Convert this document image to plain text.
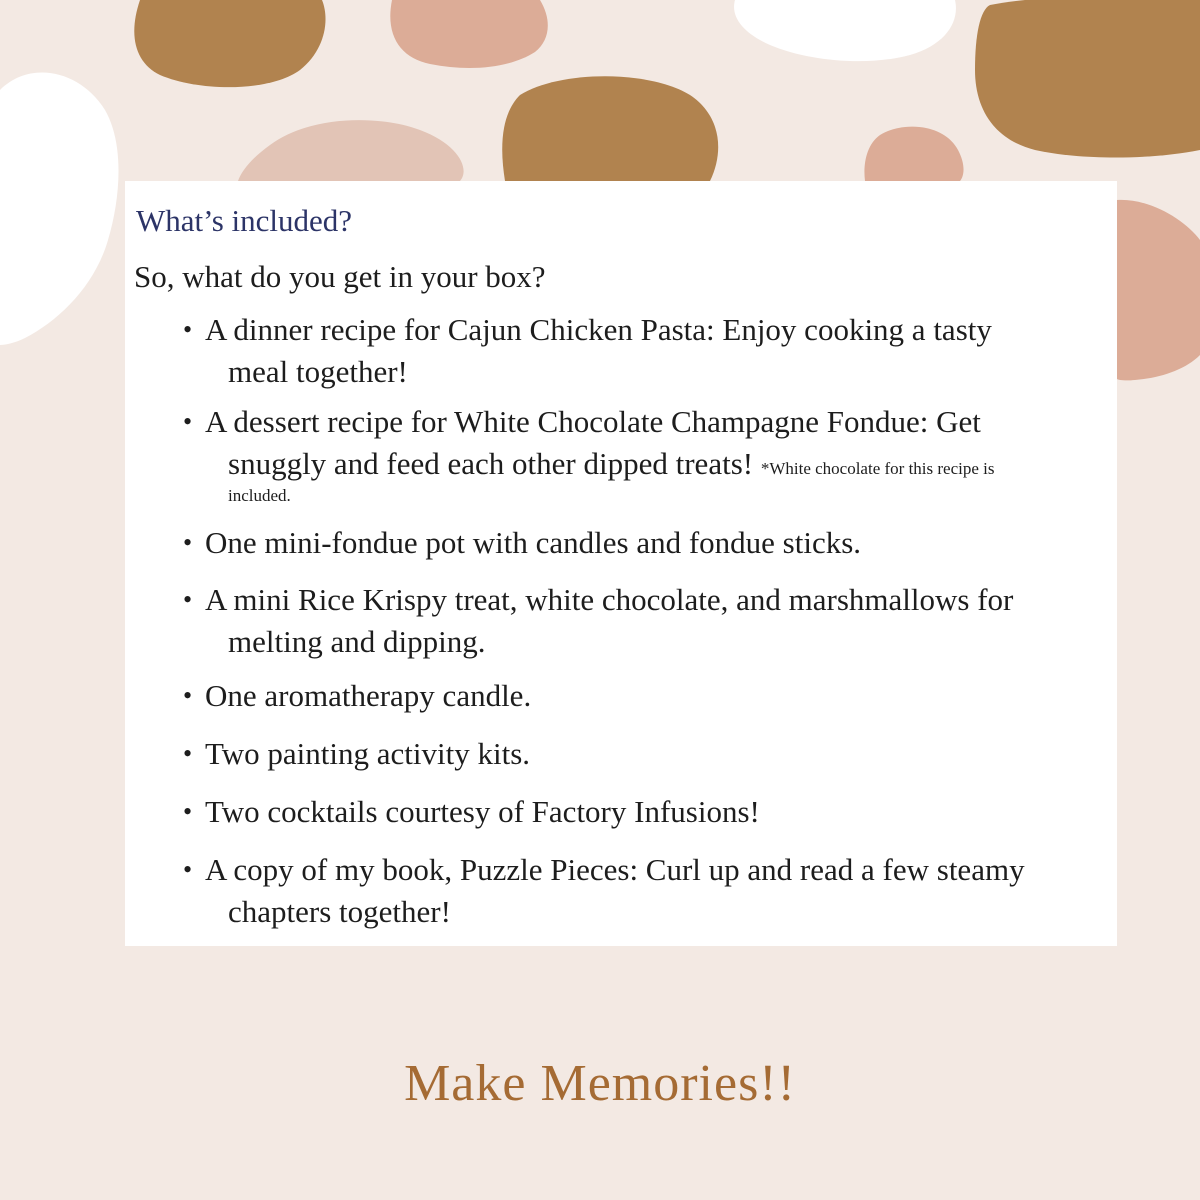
What’s included?

So, what do you get in your box?

• A dinner recipe for Cajun Chicken Pasta: Enjoy cooking a tasty
meal together!
• A dessert recipe for White Chocolate Champagne Fondue: Get
snuggly and feed each other dipped treats! *White chocolate for this recipe is
included.
• One mini-fondue pot with candles and fondue sticks.
• A mini Rice Krispy treat, white chocolate, and marshmallows for
melting and dipping.
• One aromatherapy candle.
• Two painting activity kits.
• Two cocktails courtesy of Factory Infusions!
• A copy of my book, Puzzle Pieces: Curl up and read a few steamy
chapters together!

Make Memories!!
